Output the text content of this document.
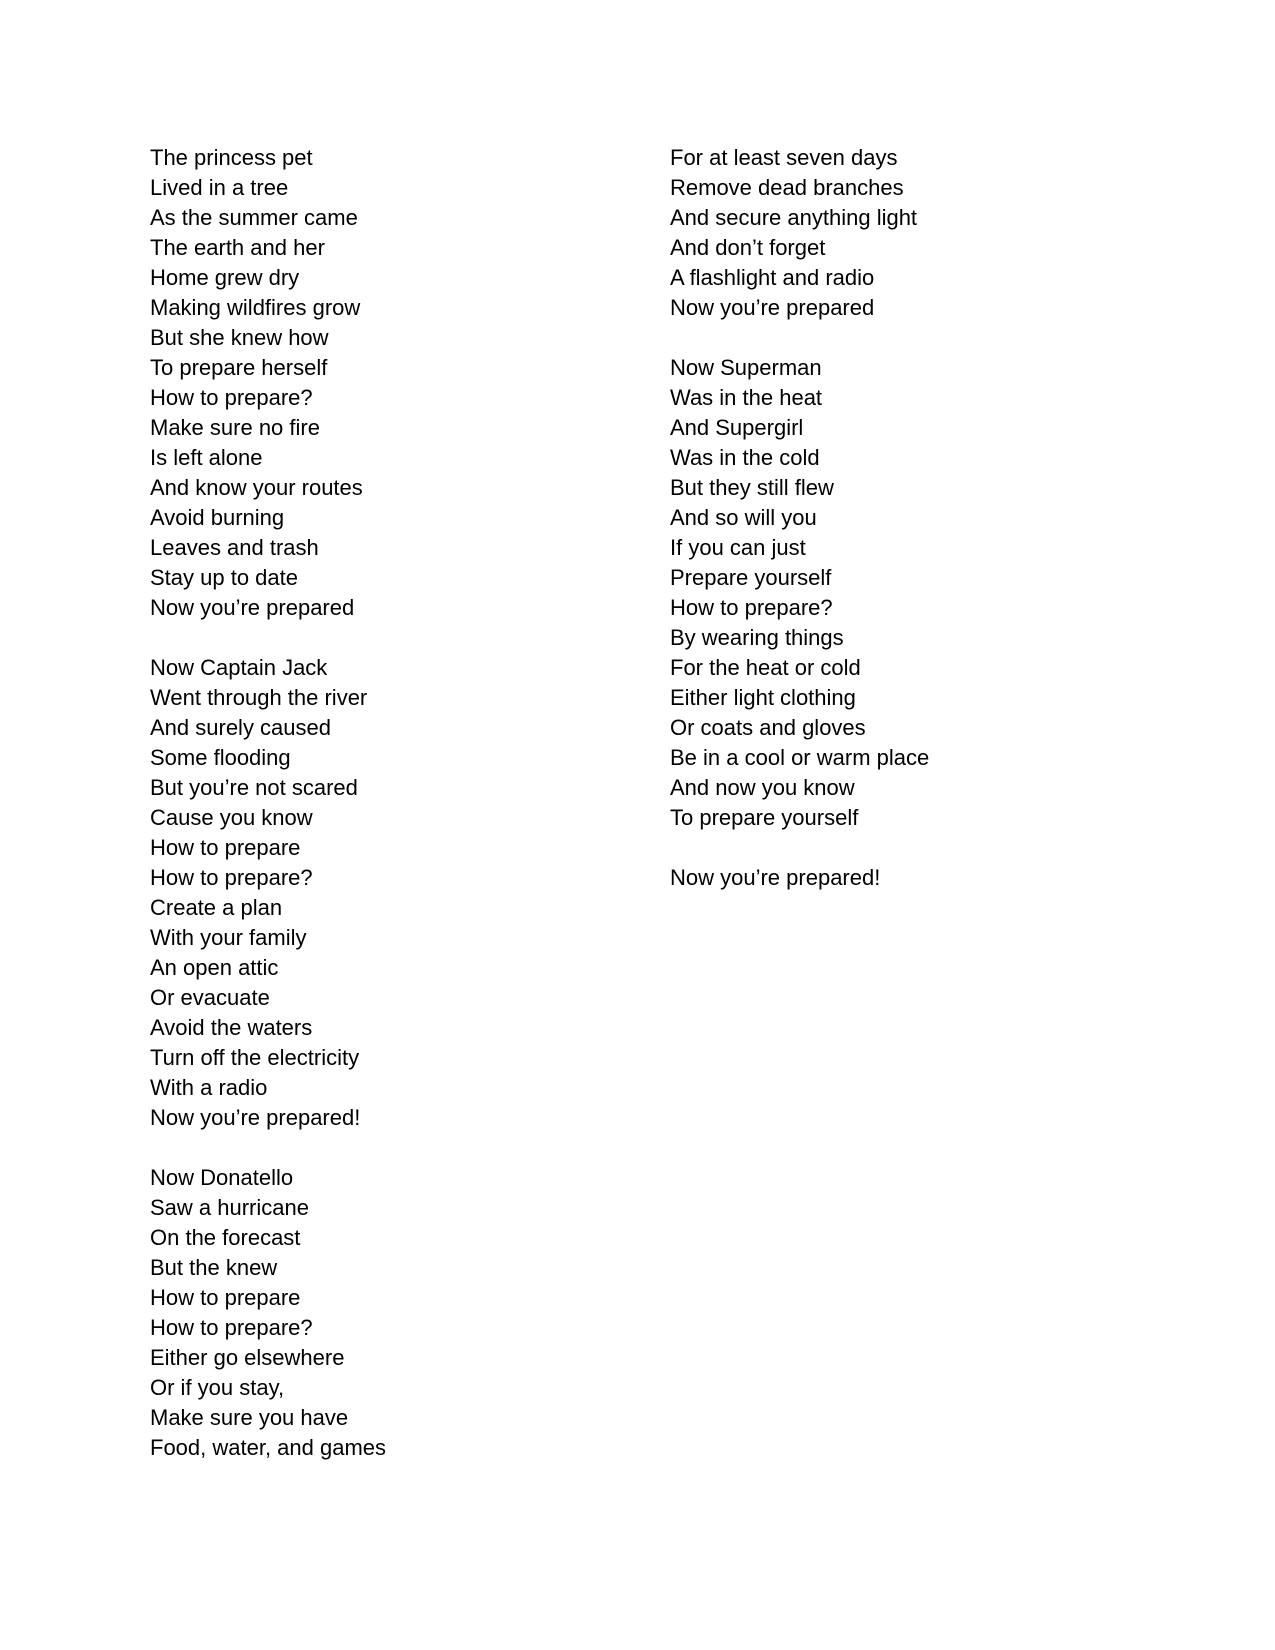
The princess pet
Lived in a tree
As the summer came
The earth and her
Home grew dry
Making wildfires grow
But she knew how
To prepare herself
How to prepare?
Make sure no fire
Is left alone
And know your routes
Avoid burning
Leaves and trash
Stay up to date
Now you’re prepared
Now Captain Jack
Went through the river
And surely caused
Some flooding
But you’re not scared
Cause you know
How to prepare
How to prepare?
Create a plan
With your family
An open attic
Or evacuate
Avoid the waters
Turn off the electricity
With a radio
Now you’re prepared!
Now Donatello
Saw a hurricane
On the forecast
But the knew
How to prepare
How to prepare?
Either go elsewhere
Or if you stay,
Make sure you have
Food, water, and games
For at least seven days
Remove dead branches
And secure anything light
And don’t forget
A flashlight and radio
Now you’re prepared
Now Superman
Was in the heat
And Supergirl
Was in the cold
But they still flew
And so will you
If you can just
Prepare yourself
How to prepare?
By wearing things
For the heat or cold
Either light clothing
Or coats and gloves
Be in a cool or warm place
And now you know
To prepare yourself
Now you’re prepared!
